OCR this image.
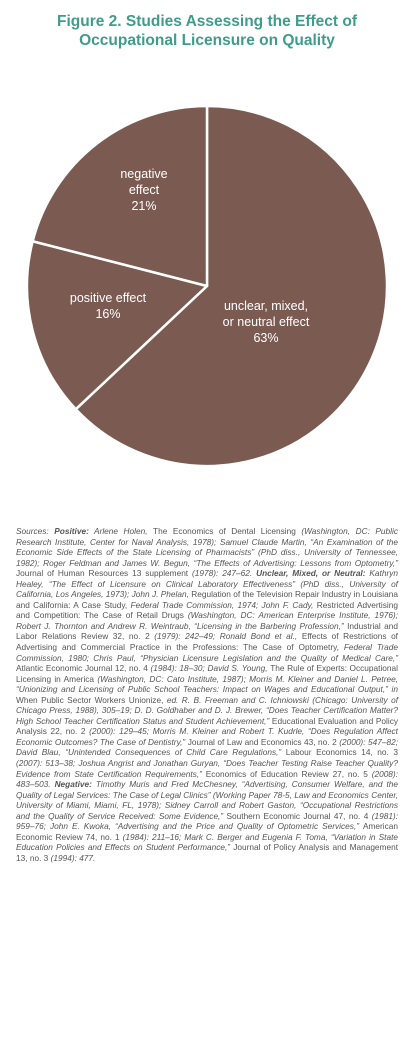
Figure 2. Studies Assessing the Effect of
Occupational Licensure on Quality
unclear, mixed, or neutral effect 63%
positive effect 16%
negative effect 21%
Sources: Positive: Arlene Holen, The Economics of Dental Licensing (Washington, DC: Public Research Institute, Center for Naval Analysis, 1978); Samuel Claude Martin, “An Examination of the Economic Side Effects of the State Licensing of Pharmacists” (PhD diss., University of Tennessee, 1982); Roger Feldman and James W. Begun, “The Effects of Advertising: Lessons from Optometry,” Journal of Human Resources 13 supplement (1978): 247–62. Unclear, Mixed, or Neutral: Kathryn Healey, “The Effect of Licensure on Clinical Laboratory Effectiveness” (PhD diss., University of California, Los Angeles, 1973); John J. Phelan, Regulation of the Television Repair Industry in Louisiana and California: A Case Study, Federal Trade Commission, 1974; John F. Cady, Restricted Advertising and Competition: The Case of Retail Drugs (Washington, DC: American Enterprise Institute, 1976); Robert J. Thornton and Andrew R. Weintraub, “Licensing in the Barbering Profession,” Industrial and Labor Relations Review 32, no. 2 (1979): 242–49; Ronald Bond et al., Effects of Restrictions of Advertising and Commercial Practice in the Professions: The Case of Optometry, Federal Trade Commission, 1980; Chris Paul, “Physician Licensure Legislation and the Quality of Medical Care,” Atlantic Economic Journal 12, no. 4 (1984): 18–30; David S. Young, The Rule of Experts: Occupational Licensing in America (Washington, DC: Cato Institute, 1987); Morris M. Kleiner and Daniel L. Petree, “Unionizing and Licensing of Public School Teachers: Impact on Wages and Educational Output,” in When Public Sector Workers Unionize, ed. R. B. Freeman and C. Ichniowski (Chicago: University of Chicago Press, 1988), 305–19; D. D. Goldhaber and D. J. Brewer, “Does Teacher Certification Matter? High School Teacher Certification Status and Student Achievement,” Educational Evaluation and Policy Analysis 22, no. 2 (2000): 129–45; Morris M. Kleiner and Robert T. Kudrle, “Does Regulation Affect Economic Outcomes? The Case of Dentistry,” Journal of Law and Economics 43, no. 2 (2000): 547–82; David Blau, “Unintended Consequences of Child Care Regulations,” Labour Economics 14, no. 3 (2007): 513–38; Joshua Angrist and Jonathan Guryan, “Does Teacher Testing Raise Teacher Quality? Evidence from State Certification Requirements,” Economics of Education Review 27, no. 5 (2008): 483–503. Negative: Timothy Muris and Fred McChesney, “Advertising, Consumer Welfare, and the Quality of Legal Services: The Case of Legal Clinics” (Working Paper 78-5, Law and Economics Center, University of Miami, Miami, FL, 1978); Sidney Carroll and Robert Gaston, “Occupational Restrictions and the Quality of Service Received: Some Evidence,” Southern Economic Journal 47, no. 4 (1981): 959–76; John E. Kwoka, “Advertising and the Price and Quality of Optometric Services,” American Economic Review 74, no. 1 (1984): 211–16; Mark C. Berger and Eugenia F. Toma, “Variation in State Education Policies and Effects on Student Performance,” Journal of Policy Analysis and Management 13, no. 3 (1994): 477.
